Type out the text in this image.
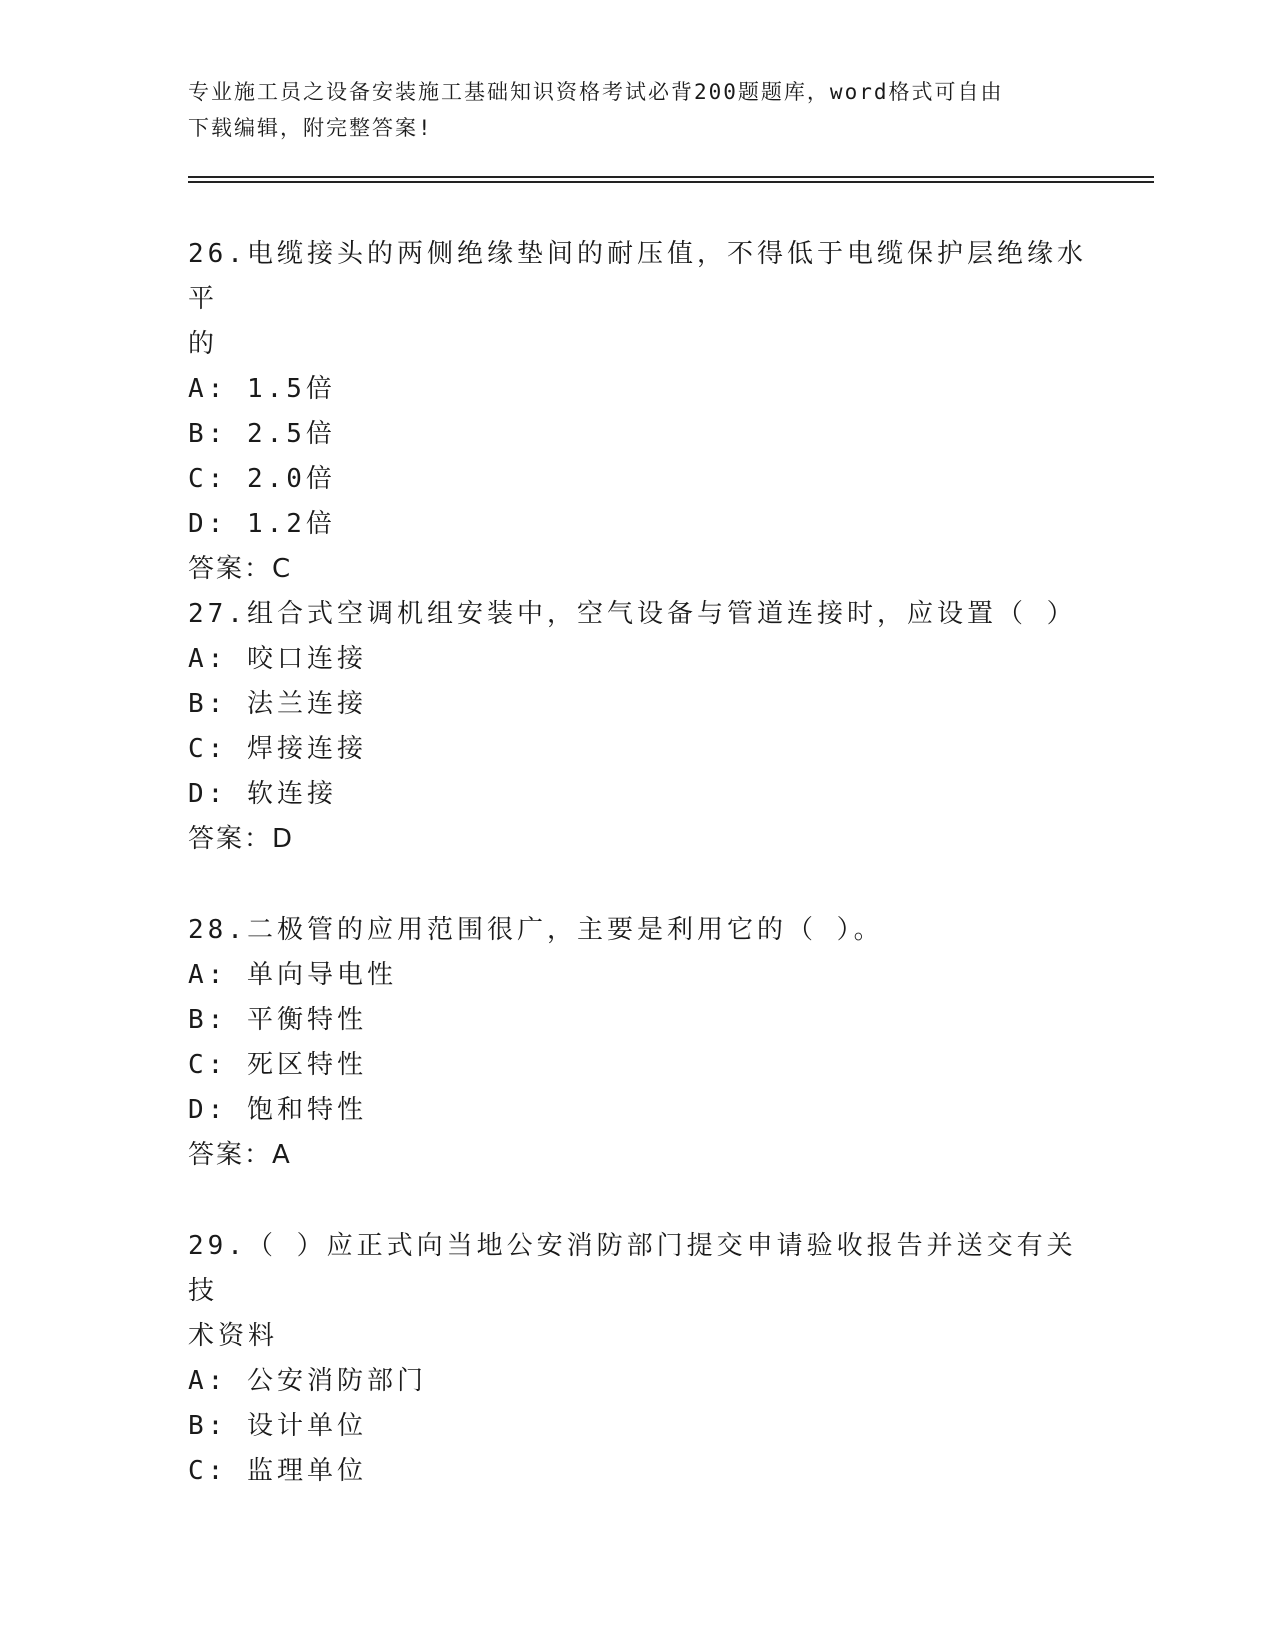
专业施工员之设备安装施工基础知识资格考试必背200题题库，word格式可自由
下载编辑，附完整答案!
26.电缆接头的两侧绝缘垫间的耐压值，不得低于电缆保护层绝缘水平
的
A: 1.5倍
B: 2.5倍
C: 2.0倍
D: 1.2倍
答案：C
27.组合式空调机组安装中，空气设备与管道连接时，应设置（ ）
A: 咬口连接
B: 法兰连接
C: 焊接连接
D: 软连接
答案：D
28.二极管的应用范围很广，主要是利用它的（ ）。
A: 单向导电性
B: 平衡特性
C: 死区特性
D: 饱和特性
答案：A
29.（ ）应正式向当地公安消防部门提交申请验收报告并送交有关技
术资料
A: 公安消防部门
B: 设计单位
C: 监理单位
